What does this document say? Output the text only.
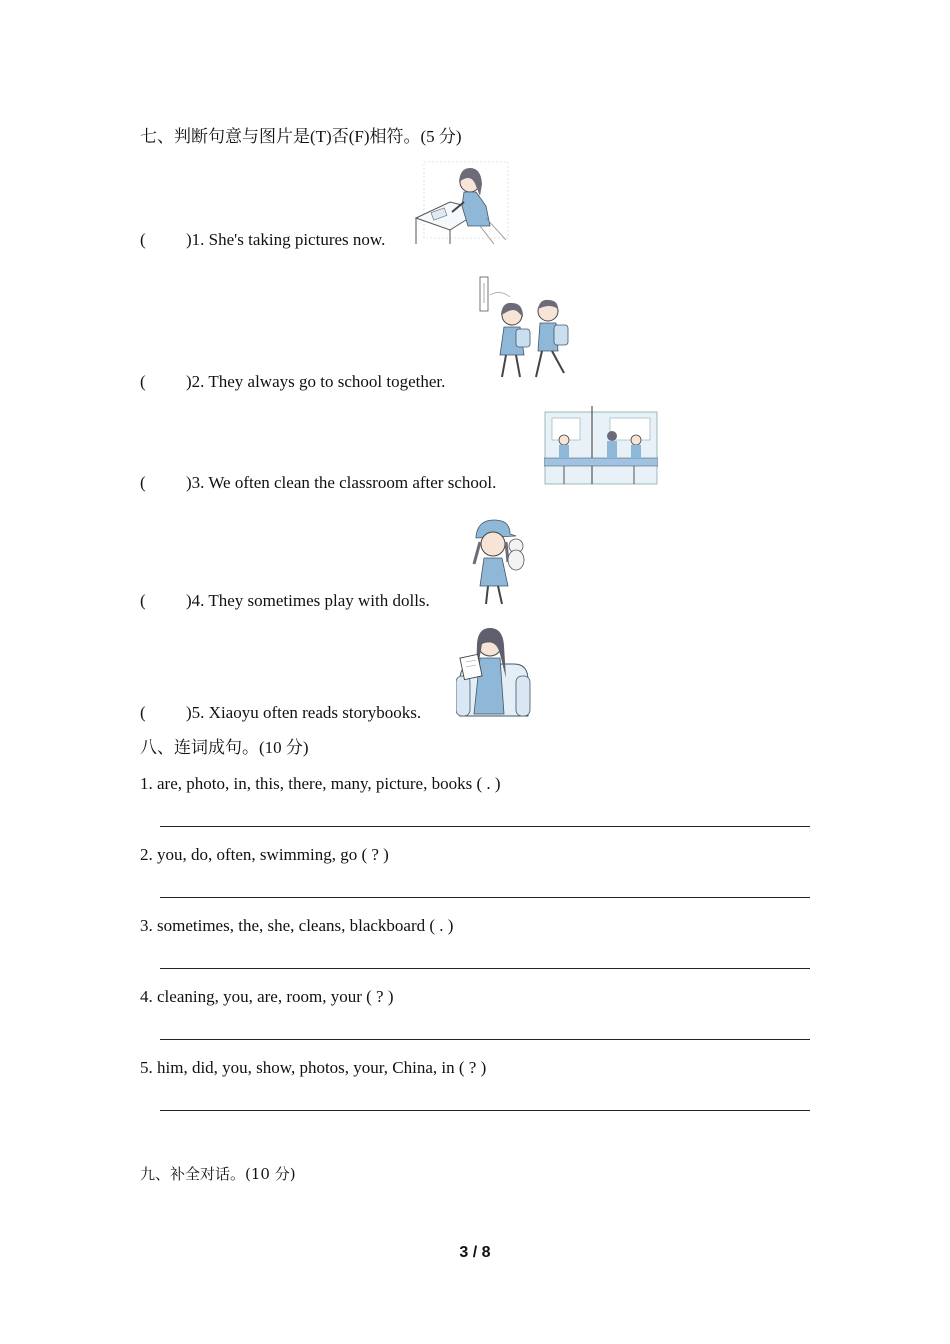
七、判断句意与图片是(T)否(F)相符。(5 分)
( )1. She's taking pictures now.
( )2. They always go to school together.
( )3. We often clean the classroom after school.
( )4. They sometimes play with dolls.
( )5. Xiaoyu often reads storybooks.
八、连词成句。(10 分)
1. are, photo, in, this, there, many, picture, books ( . )
2. you, do, often, swimming, go ( ? )
3. sometimes, the, she, cleans, blackboard ( . )
4. cleaning, you, are, room, your ( ? )
5. him, did, you, show, photos, your, China, in ( ? )
九、补全对话。(10 分)
3 / 8
